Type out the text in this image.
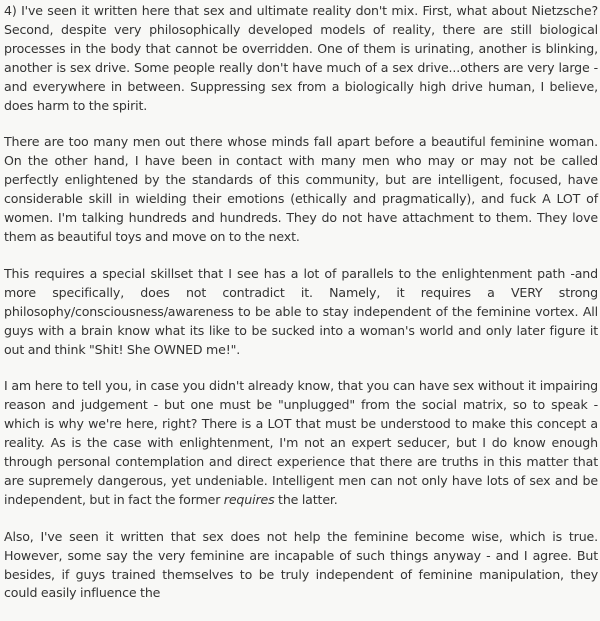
4) I've seen it written here that sex and ultimate reality don't mix. First, what about Nietzsche? Second, despite very philosophically developed models of reality, there are still biological processes in the body that cannot be overridden. One of them is urinating, another is blinking, another is sex drive. Some people really don't have much of a sex drive...others are very large - and everywhere in between. Suppressing sex from a biologically high drive human, I believe, does harm to the spirit.

There are too many men out there whose minds fall apart before a beautiful feminine woman. On the other hand, I have been in contact with many men who may or may not be called perfectly enlightened by the standards of this community, but are intelligent, focused, have considerable skill in wielding their emotions (ethically and pragmatically), and fuck A LOT of women. I'm talking hundreds and hundreds. They do not have attachment to them. They love them as beautiful toys and move on to the next.

This requires a special skillset that I see has a lot of parallels to the enlightenment path -and more specifically, does not contradict it. Namely, it requires a VERY strong philosophy/consciousness/awareness to be able to stay independent of the feminine vortex. All guys with a brain know what its like to be sucked into a woman's world and only later figure it out and think "Shit! She OWNED me!".

I am here to tell you, in case you didn't already know, that you can have sex without it impairing reason and judgement - but one must be "unplugged" from the social matrix, so to speak - which is why we're here, right? There is a LOT that must be understood to make this concept a reality. As is the case with enlightenment, I'm not an expert seducer, but I do know enough through personal contemplation and direct experience that there are truths in this matter that are supremely dangerous, yet undeniable. Intelligent men can not only have lots of sex and be independent, but in fact the former requires the latter.

Also, I've seen it written that sex does not help the feminine become wise, which is true. However, some say the very feminine are incapable of such things anyway - and I agree. But besides, if guys trained themselves to be truly independent of feminine manipulation, they could easily influence the
